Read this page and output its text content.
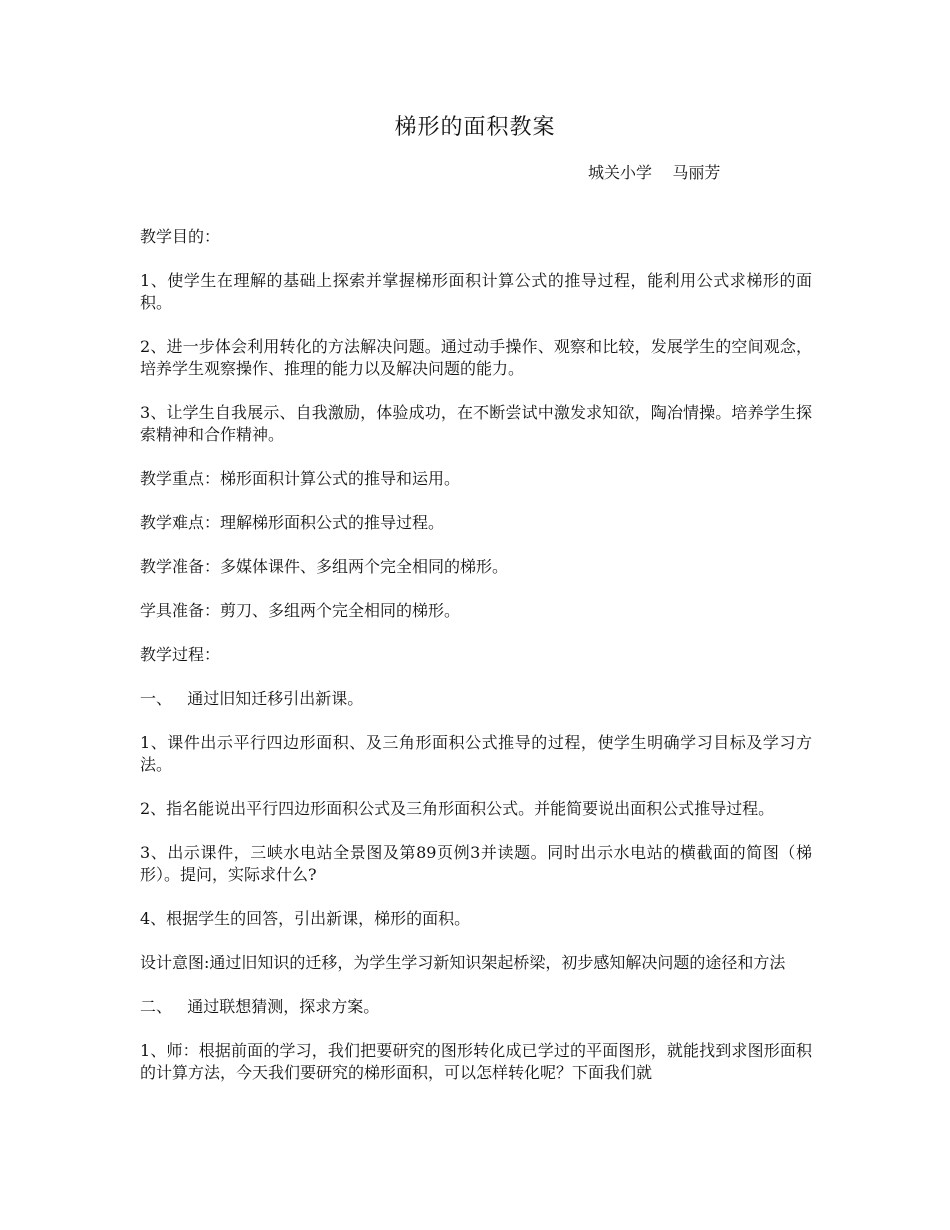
梯形的面积教案
城关小学    马丽芳

教学目的：

1、使学生在理解的基础上探索并掌握梯形面积计算公式的推导过程，能利用公式求梯形的面积。

2、进一步体会利用转化的方法解决问题。通过动手操作、观察和比较，发展学生的空间观念，培养学生观察操作、推理的能力以及解决问题的能力。

3、让学生自我展示、自我激励，体验成功，在不断尝试中激发求知欲，陶冶情操。培养学生探索精神和合作精神。

教学重点：梯形面积计算公式的推导和运用。

教学难点：理解梯形面积公式的推导过程。

教学准备：多媒体课件、多组两个完全相同的梯形。

学具准备：剪刀、多组两个完全相同的梯形。

教学过程：

一、   通过旧知迁移引出新课。

1、课件出示平行四边形面积、及三角形面积公式推导的过程，使学生明确学习目标及学习方法。

2、指名能说出平行四边形面积公式及三角形面积公式。并能简要说出面积公式推导过程。

3、出示课件，三峡水电站全景图及第89页例3并读题。同时出示水电站的横截面的简图（梯形）。提问，实际求什么?

4、根据学生的回答，引出新课，梯形的面积。

设计意图:通过旧知识的迁移，为学生学习新知识架起桥梁，初步感知解决问题的途径和方法

二、   通过联想猜测，探求方案。

1、师：根据前面的学习，我们把要研究的图形转化成已学过的平面图形，就能找到求图形面积的计算方法，今天我们要研究的梯形面积，可以怎样转化呢？下面我们就
